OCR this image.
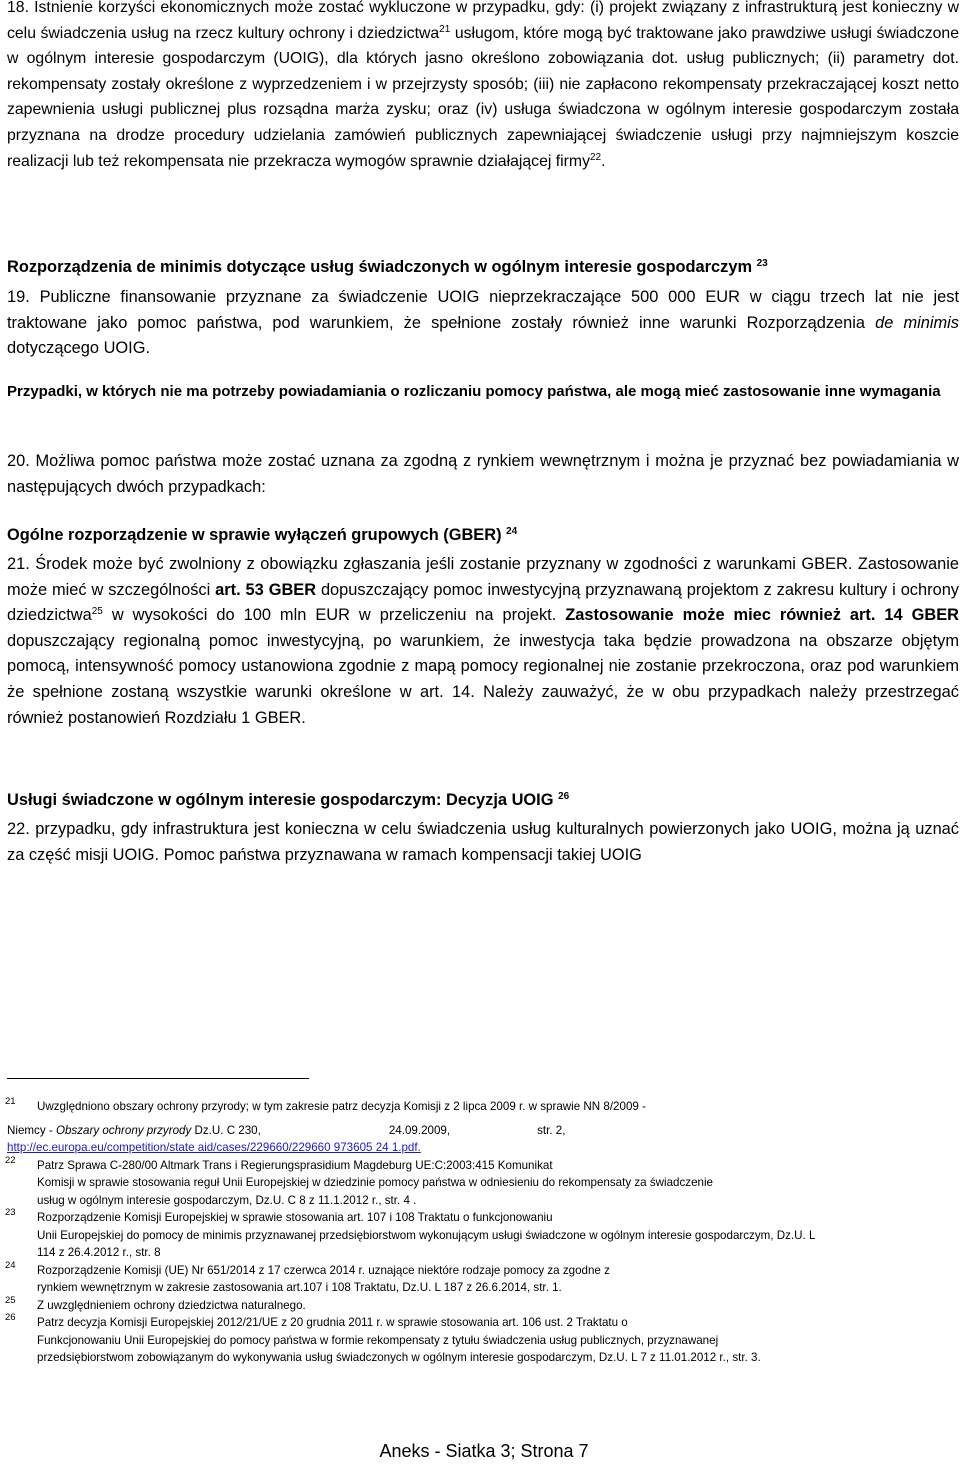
18. Istnienie korzyści ekonomicznych może zostać wykluczone w przypadku, gdy: (i) projekt związany z infrastrukturą jest konieczny w celu świadczenia usług na rzecz kultury ochrony i dziedzictwa$^{21}$ usługom, które mogą być traktowane jako prawdziwe usługi świadczone w ogólnym interesie gospodarczym (UOIG), dla których jasno określono zobowiązania dot. usług publicznych; (ii) parametry dot. rekompensaty zostały określone z wyprzedzeniem i w przejrzysty sposób; (iii) nie zapłacono rekompensaty przekraczającej koszt netto zapewnienia usługi publicznej plus rozsądna marża zysku; oraz (iv) usługa świadczona w ogólnym interesie gospodarczym została przyznana na drodze procedury udzielania zamówień publicznych zapewniającej świadczenie usługi przy najmniejszym koszcie realizacji lub też rekompensata nie przekracza wymogów sprawnie działającej firmy$^{22}$.

Rozporządzenia de minimis dotyczące usług świadczonych w ogólnym interesie gospodarczym $^{23}$

19. Publiczne finansowanie przyznane za świadczenie UOIG nieprzekraczające 500 000 EUR w ciągu trzech lat nie jest traktowane jako pomoc państwa, pod warunkiem, że spełnione zostały również inne warunki Rozporządzenia de minimis dotyczącego UOIG.

Przypadki, w których nie ma potrzeby powiadamiania o rozliczaniu pomocy państwa, ale mogą mieć zastosowanie inne wymagania

20. Możliwa pomoc państwa może zostać uznana za zgodną z rynkiem wewnętrznym i można je przyznać bez powiadamiania w następujących dwóch przypadkach:

Ogólne rozporządzenie w sprawie wyłączeń grupowych (GBER) $^{24}$

21. Środek może być zwolniony z obowiązku zgłaszania jeśli zostanie przyznany w zgodności z warunkami GBER. Zastosowanie może mieć w szczególności art. 53 GBER dopuszczający pomoc inwestycyjną przyznawaną projektom z zakresu kultury i ochrony dziedzictwa$^{25}$ w wysokości do 100 mln EUR w przeliczeniu na projekt. Zastosowanie może miec również art. 14 GBER dopuszczający regionalną pomoc inwestycyjną, po warunkiem, że inwestycja taka będzie prowadzona na obszarze objętym pomocą, intensywność pomocy ustanowiona zgodnie z mapą pomocy regionalnej nie zostanie przekroczona, oraz pod warunkiem że spełnione zostaną wszystkie warunki określone w art. 14. Należy zauważyć, że w obu przypadkach należy przestrzegać również postanowień Rozdziału 1 GBER.

Usługi świadczone w ogólnym interesie gospodarczym: Decyzja UOIG $^{26}$

22. przypadku, gdy infrastruktura jest konieczna w celu świadczenia usług kulturalnych powierzonych jako UOIG, można ją uznać za część misji UOIG. Pomoc państwa przyznawana w ramach kompensacji takiej UOIG

21	Uwzględniono obszary ochrony przyrody; w tym zakresie patrz decyzja Komisji z 2 lipca 2009 r. w sprawie NN 8/2009 -
Niemcy - Obszary ochrony przyrody Dz.U. C 230,	24.09.2009,	str. 2,
http://ec.europa.eu/competition/state aid/cases/229660/229660 973605 24 1.pdf.
22	Patrz Sprawa C-280/00 Altmark Trans i Regierungsprasidium Magdeburg UE:C:2003:415 Komunikat
Komisji w sprawie stosowania reguł Unii Europejskiej w dziedzinie pomocy państwa w odniesieniu do rekompensaty za świadczenie
usług w ogólnym interesie gospodarczym, Dz.U. C 8 z 11.1.2012 r., str. 4 .
23	Rozporządzenie Komisji Europejskiej w sprawie stosowania art. 107 i 108 Traktatu o funkcjonowaniu
Unii Europejskiej do pomocy de minimis przyznawanej przedsiębiorstwom wykonującym usługi świadczone w ogólnym interesie gospodarczym, Dz.U. L
114 z 26.4.2012 r., str. 8
24	Rozporządzenie Komisji (UE) Nr 651/2014 z 17 czerwca 2014 r. uznające niektóre rodzaje pomocy za zgodne z
rynkiem wewnętrznym w zakresie zastosowania art.107 i 108 Traktatu, Dz.U. L 187 z 26.6.2014, str. 1.
25	Z uwzględnieniem ochrony dziedzictwa naturalnego.
26	Patrz decyzja Komisji Europejskiej 2012/21/UE z 20 grudnia 2011 r. w sprawie stosowania art. 106 ust. 2 Traktatu o
Funkcjonowaniu Unii Europejskiej do pomocy państwa w formie rekompensaty z tytułu świadczenia usług publicznych, przyznawanej
przedsiębiorstwom zobowiązanym do wykonywania usług świadczonych w ogólnym interesie gospodarczym, Dz.U. L 7 z 11.01.2012 r., str. 3.
Aneks - Siatka 3; Strona 7
